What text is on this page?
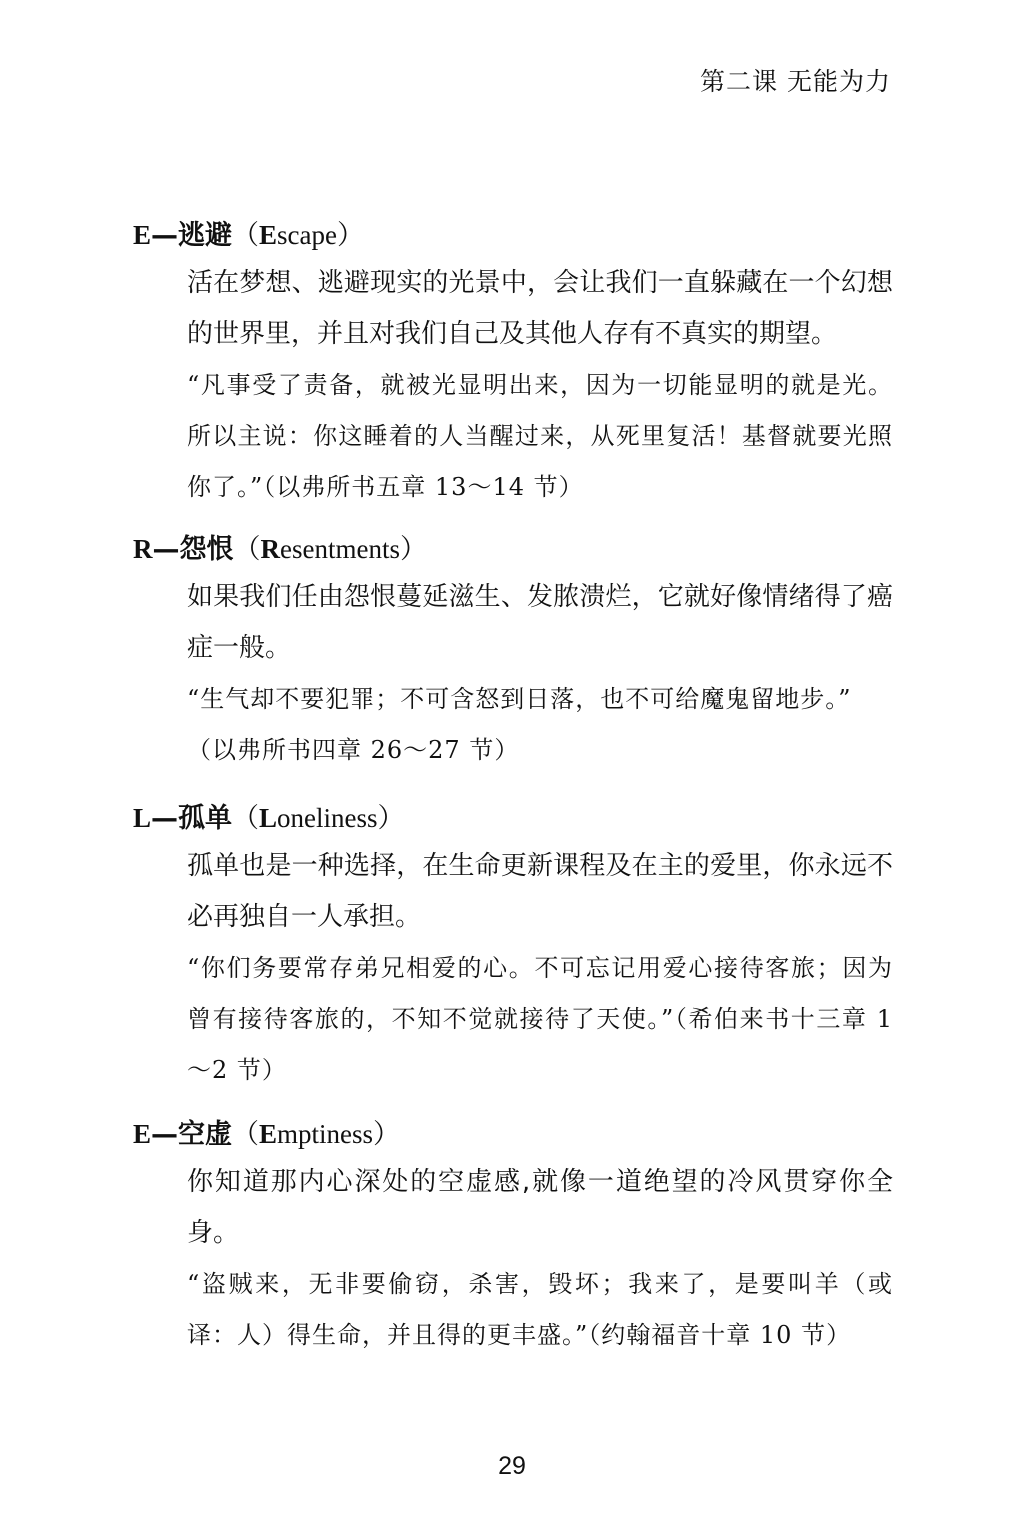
第二课 无能为力
E—逃避（Escape）
活在梦想、逃避现实的光景中，会让我们一直躲藏在一个幻想的世界里，并且对我们自己及其他人存有不真实的期望。
“凡事受了责备，就被光显明出来，因为一切能显明的就是光。所以主说：你这睡着的人当醒过来，从死里复活！基督就要光照你了。”（以弗所书五章 13～14 节）
R—怨恨（Resentments）
如果我们任由怨恨蔓延滋生、发脓溃烂，它就好像情绪得了癌症一般。
“生气却不要犯罪；不可含怒到日落，也不可给魔鬼留地步。”
（以弗所书四章 26～27 节）
L—孤单（Loneliness）
孤单也是一种选择，在生命更新课程及在主的爱里，你永远不必再独自一人承担。
“你们务要常存弟兄相爱的心。不可忘记用爱心接待客旅；因为曾有接待客旅的，不知不觉就接待了天使。”（希伯来书十三章 1～2 节）
E—空虚（Emptiness）
你知道那内心深处的空虚感,就像一道绝望的冷风贯穿你全身。
“盗贼来，无非要偷窃，杀害，毁坏；我来了，是要叫羊（或译：人）得生命，并且得的更丰盛。”（约翰福音十章 10 节）
29
